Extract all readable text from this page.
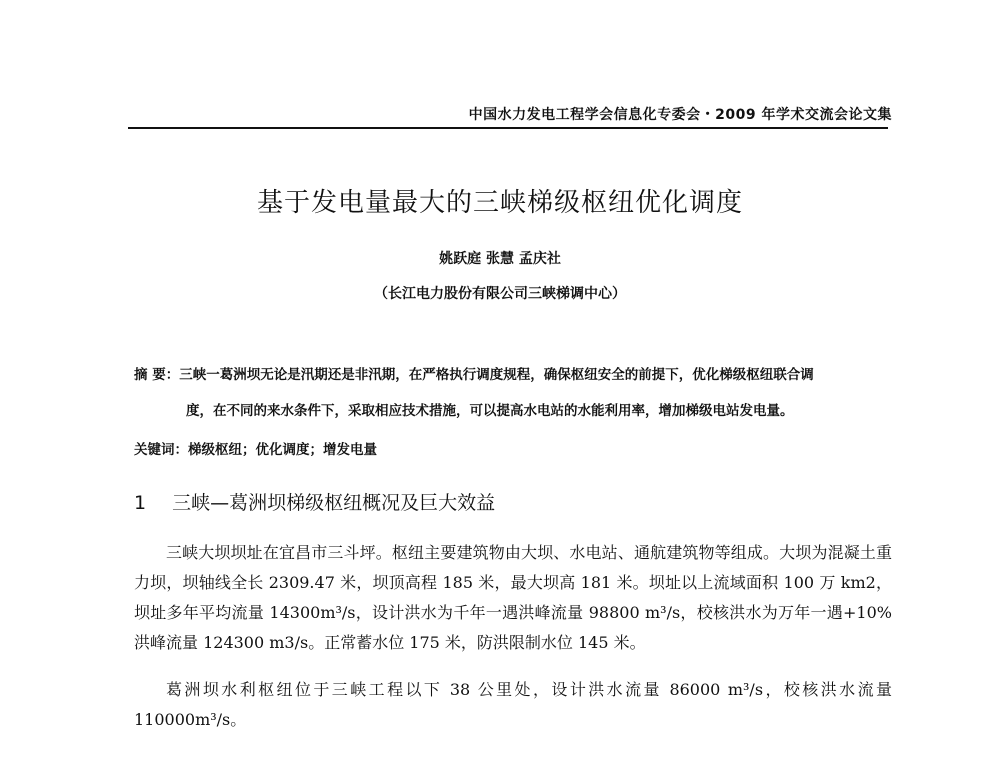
中国水力发电工程学会信息化专委会・2009 年学术交流会论文集
基于发电量最大的三峡梯级枢纽优化调度
姚跃庭 张慧 孟庆社
（长江电力股份有限公司三峡梯调中心）
摘 要：三峡一葛洲坝无论是汛期还是非汛期，在严格执行调度规程，确保枢纽安全的前提下，优化梯级枢纽联合调
度，在不同的来水条件下，采取相应技术措施，可以提高水电站的水能利用率，增加梯级电站发电量。
关键词：梯级枢纽；优化调度；增发电量
1 三峡—葛洲坝梯级枢纽概况及巨大效益

三峡大坝坝址在宜昌市三斗坪。枢纽主要建筑物由大坝、水电站、通航建筑物等组成。大坝为混凝土重力坝，坝轴线全长 2309.47 米，坝顶高程 185 米，最大坝高 181 米。坝址以上流域面积 100 万 km2，坝址多年平均流量 14300m³/s，设计洪水为千年一遇洪峰流量 98800 m³/s，校核洪水为万年一遇+10%洪峰流量 124300 m3/s。正常蓄水位 175 米，防洪限制水位 145 米。

葛洲坝水利枢纽位于三峡工程以下 38 公里处，设计洪水流量 86000 m³/s，校核洪水流量 110000m³/s。
